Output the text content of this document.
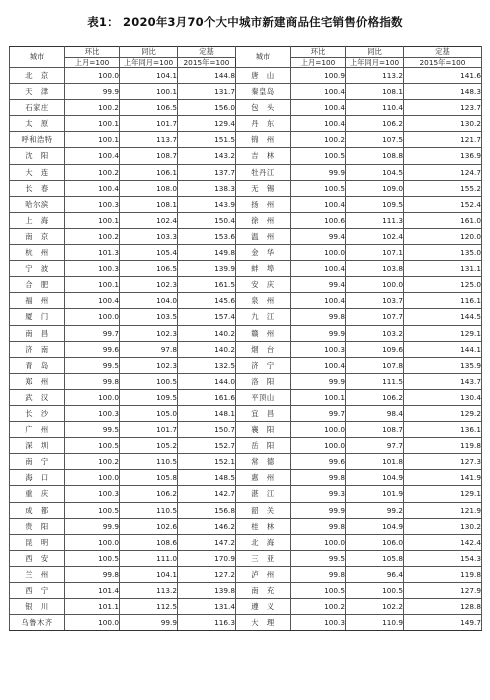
表1： 2020年3月70个大中城市新建商品住宅销售价格指数
城市	环比	同比	定基	城市	环比	同比	定基
	上月=100	上年同月=100	2015年=100		上月=100	上年同月=100	2015年=100
北　京	100.0	104.1	144.8	唐　山	100.9	113.2	141.6
天　津	99.9	100.1	131.7	秦皇岛	100.4	108.1	148.3
石家庄	100.2	106.5	156.0	包　头	100.4	110.4	123.7
太　原	100.1	101.7	129.4	丹　东	100.4	106.2	130.2
呼和浩特	100.1	113.7	151.5	锦　州	100.2	107.5	121.7
沈　阳	100.4	108.7	143.2	吉　林	100.5	108.8	136.9
大　连	100.2	106.1	137.7	牡丹江	99.9	104.5	124.7
长　春	100.4	108.0	138.3	无　锡	100.5	109.0	155.2
哈尔滨	100.3	108.1	143.9	扬　州	100.4	109.5	152.4
上　海	100.1	102.4	150.4	徐　州	100.6	111.3	161.0
南　京	100.2	103.3	153.6	温　州	99.4	102.4	120.0
杭　州	101.3	105.4	149.8	金　华	100.0	107.1	135.0
宁　波	100.3	106.5	139.9	蚌　埠	100.4	103.8	131.1
合　肥	100.1	102.3	161.5	安　庆	99.4	100.0	125.0
福　州	100.4	104.0	145.6	泉　州	100.4	103.7	116.1
厦　门	100.0	103.5	157.4	九　江	99.8	107.7	144.5
南　昌	99.7	102.3	140.2	赣　州	99.9	103.2	129.1
济　南	99.6	97.8	140.2	烟　台	100.3	109.6	144.1
青　岛	99.5	102.3	132.5	济　宁	100.4	107.8	135.9
郑　州	99.8	100.5	144.0	洛　阳	99.9	111.5	143.7
武　汉	100.0	109.5	161.6	平顶山	100.1	106.2	130.4
长　沙	100.3	105.0	148.1	宜　昌	99.7	98.4	129.2
广　州	99.5	101.7	150.7	襄　阳	100.0	108.7	136.1
深　圳	100.5	105.2	152.7	岳　阳	100.0	97.7	119.8
南　宁	100.2	110.5	152.1	常　德	99.6	101.8	127.3
海　口	100.0	105.8	148.5	惠　州	99.8	104.9	141.9
重　庆	100.3	106.2	142.7	湛　江	99.3	101.9	129.1
成　都	100.5	110.5	156.8	韶　关	99.9	99.2	121.9
贵　阳	99.9	102.6	146.2	桂　林	99.8	104.9	130.2
昆　明	100.0	108.6	147.2	北　海	100.0	106.0	142.4
西　安	100.5	111.0	170.9	三　亚	99.5	105.8	154.3
兰　州	99.8	104.1	127.2	泸　州	99.8	96.4	119.8
西　宁	101.4	113.2	139.8	南　充	100.5	100.5	127.9
银　川	101.1	112.5	131.4	遵　义	100.2	102.2	128.8
乌鲁木齐	100.0	99.9	116.3	大　理	100.3	110.9	149.7
